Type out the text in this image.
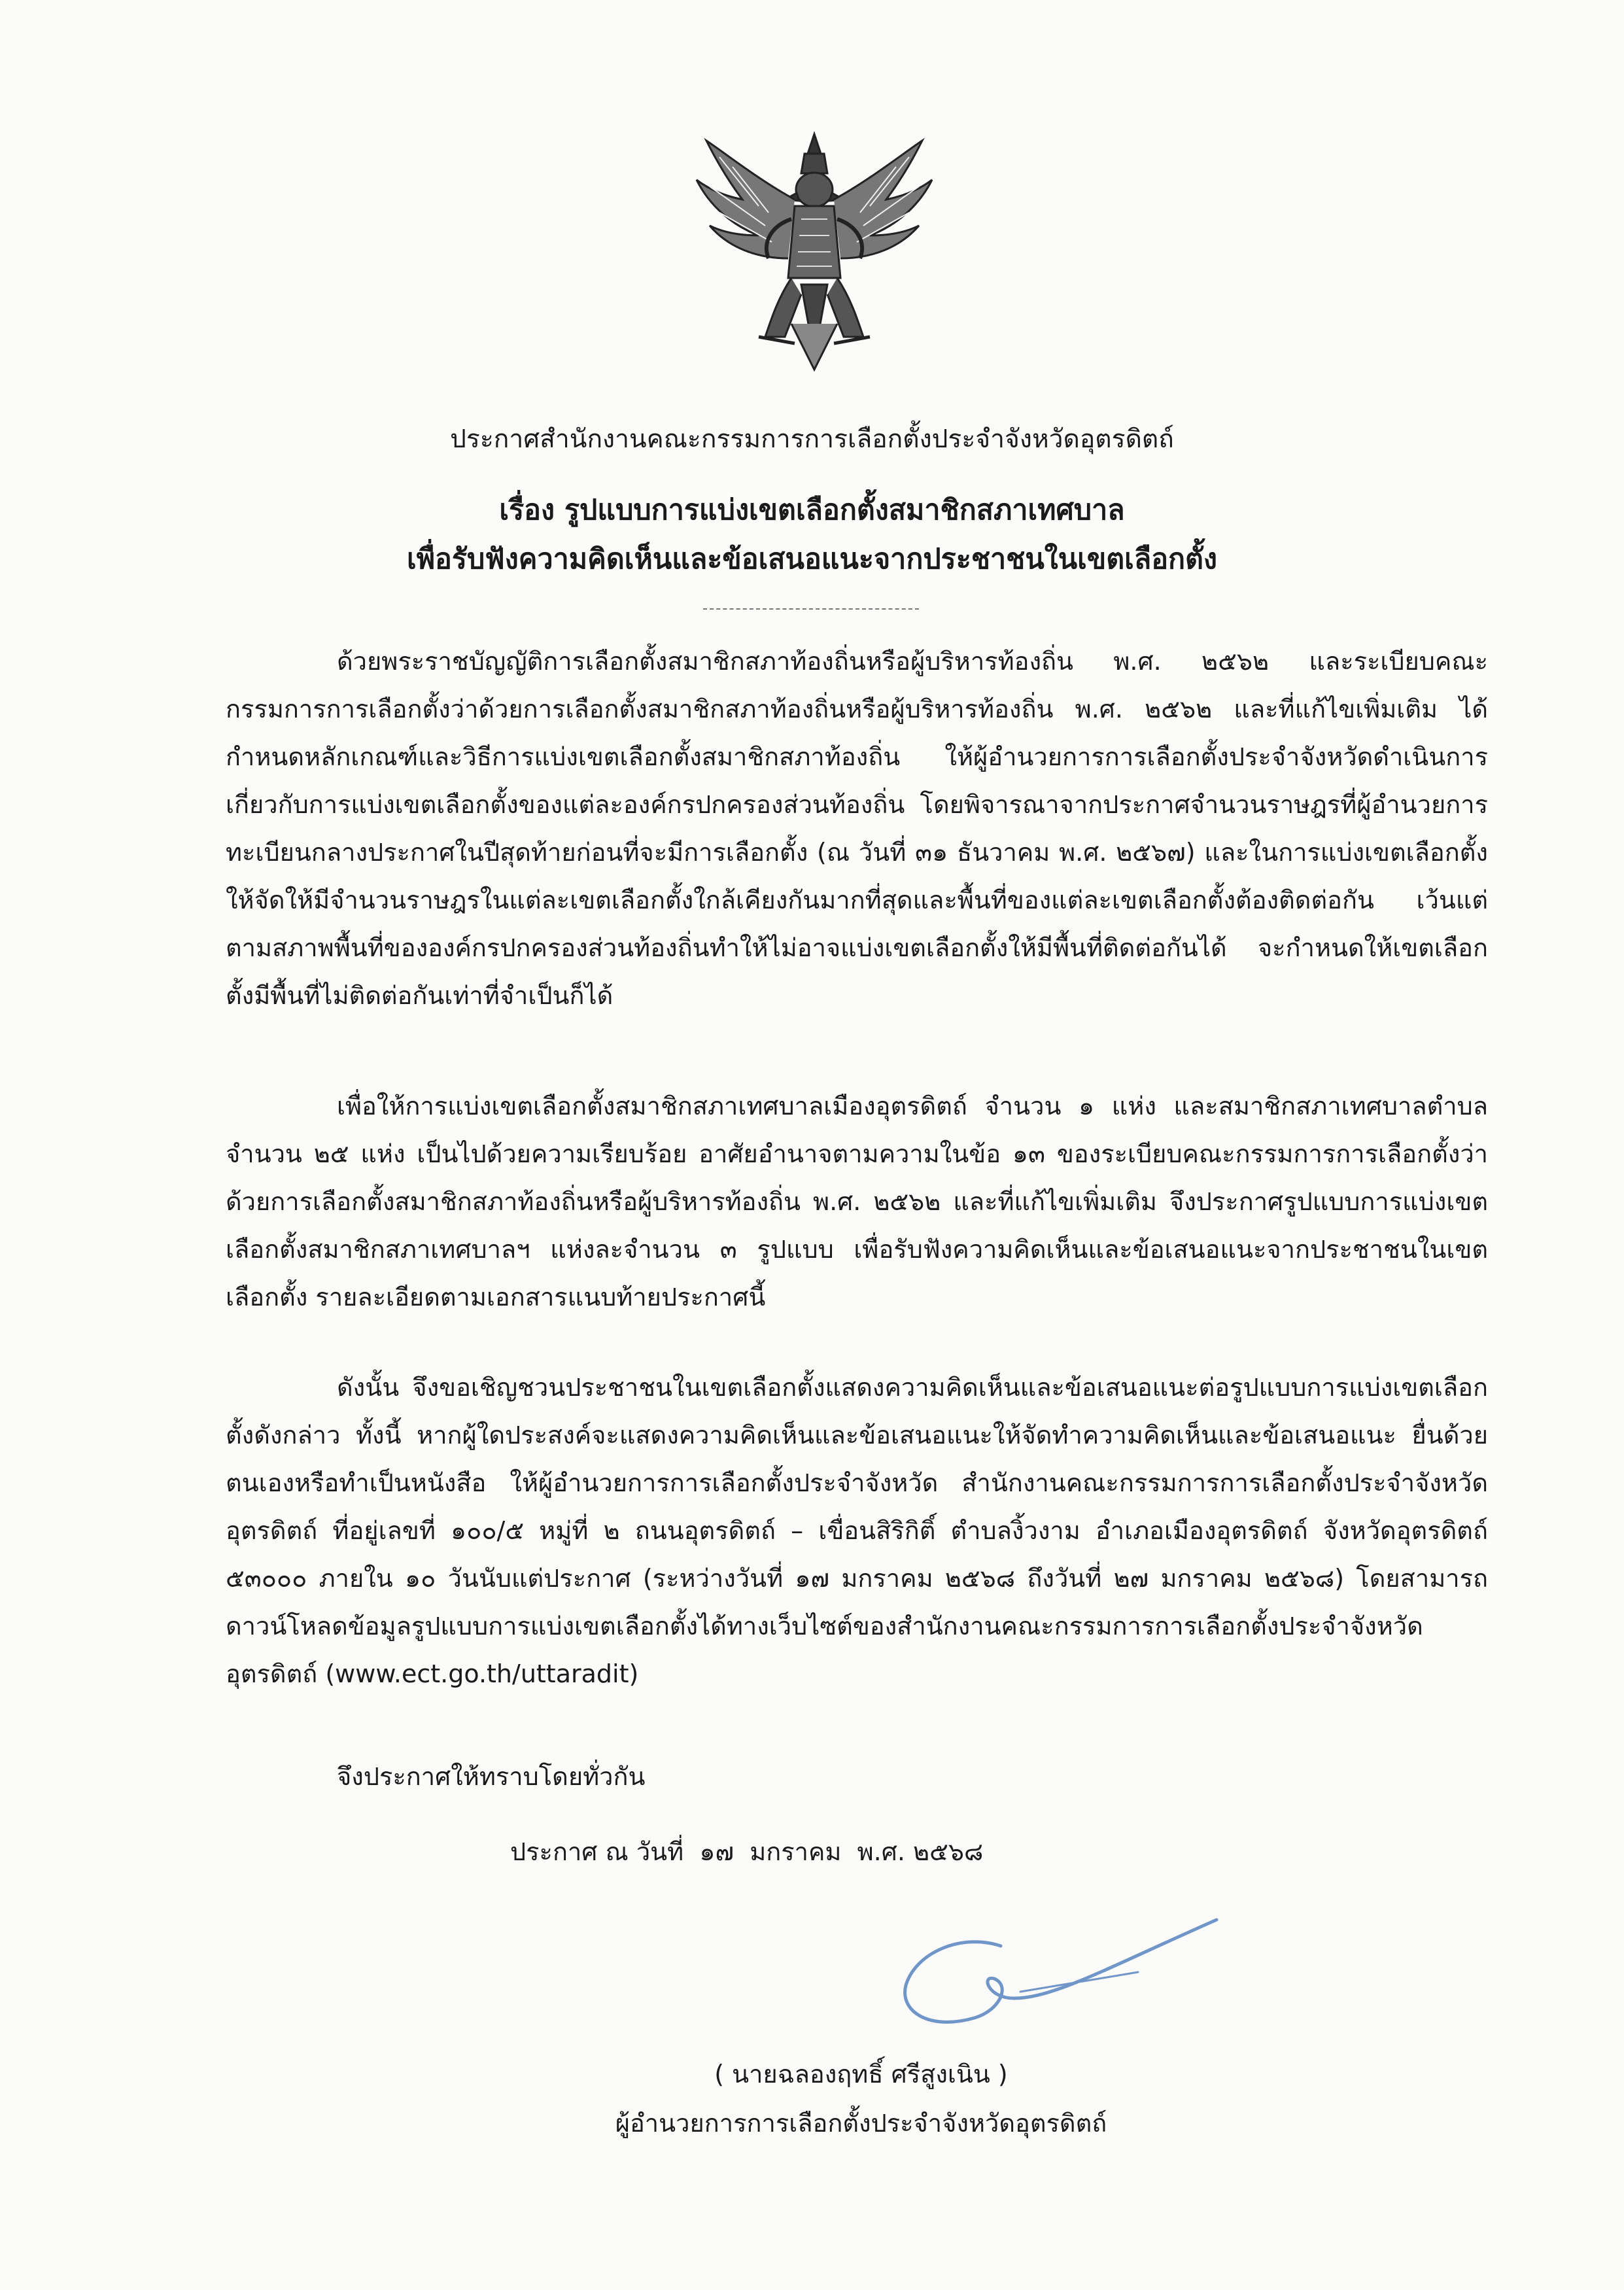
ประกาศสำนักงานคณะกรรมการการเลือกตั้งประจำจังหวัดอุตรดิตถ์
เรื่อง รูปแบบการแบ่งเขตเลือกตั้งสมาชิกสภาเทศบาล
เพื่อรับฟังความคิดเห็นและข้อเสนอแนะจากประชาชนในเขตเลือกตั้ง

ด้วยพระราชบัญญัติการเลือกตั้งสมาชิกสภาท้องถิ่นหรือผู้บริหารท้องถิ่น พ.ศ. ๒๕๖๒ และระเบียบคณะกรรมการการเลือกตั้งว่าด้วยการเลือกตั้งสมาชิกสภาท้องถิ่นหรือผู้บริหารท้องถิ่น พ.ศ. ๒๕๖๒ และที่แก้ไขเพิ่มเติม ได้กำหนดหลักเกณฑ์และวิธีการแบ่งเขตเลือกตั้งสมาชิกสภาท้องถิ่น ให้ผู้อำนวยการการเลือกตั้งประจำจังหวัดดำเนินการเกี่ยวกับการแบ่งเขตเลือกตั้งของแต่ละองค์กรปกครองส่วนท้องถิ่น โดยพิจารณาจากประกาศจำนวนราษฎรที่ผู้อำนวยการทะเบียนกลางประกาศในปีสุดท้ายก่อนที่จะมีการเลือกตั้ง (ณ วันที่ ๓๑ ธันวาคม พ.ศ. ๒๕๖๗) และในการแบ่งเขตเลือกตั้งให้จัดให้มีจำนวนราษฎรในแต่ละเขตเลือกตั้งใกล้เคียงกันมากที่สุดและพื้นที่ของแต่ละเขตเลือกตั้งต้องติดต่อกัน เว้นแต่ตามสภาพพื้นที่ขององค์กรปกครองส่วนท้องถิ่นทำให้ไม่อาจแบ่งเขตเลือกตั้งให้มีพื้นที่ติดต่อกันได้ จะกำหนดให้เขตเลือกตั้งมีพื้นที่ไม่ติดต่อกันเท่าที่จำเป็นก็ได้

เพื่อให้การแบ่งเขตเลือกตั้งสมาชิกสภาเทศบาลเมืองอุตรดิตถ์ จำนวน ๑ แห่ง และสมาชิกสภาเทศบาลตำบล จำนวน ๒๕ แห่ง เป็นไปด้วยความเรียบร้อย อาศัยอำนาจตามความในข้อ ๑๓ ของระเบียบคณะกรรมการการเลือกตั้งว่าด้วยการเลือกตั้งสมาชิกสภาท้องถิ่นหรือผู้บริหารท้องถิ่น พ.ศ. ๒๕๖๒ และที่แก้ไขเพิ่มเติม จึงประกาศรูปแบบการแบ่งเขตเลือกตั้งสมาชิกสภาเทศบาลฯ แห่งละจำนวน ๓ รูปแบบ เพื่อรับฟังความคิดเห็นและข้อเสนอแนะจากประชาชนในเขตเลือกตั้ง รายละเอียดตามเอกสารแนบท้ายประกาศนี้

ดังนั้น จึงขอเชิญชวนประชาชนในเขตเลือกตั้งแสดงความคิดเห็นและข้อเสนอแนะต่อรูปแบบการแบ่งเขตเลือกตั้งดังกล่าว ทั้งนี้ หากผู้ใดประสงค์จะแสดงความคิดเห็นและข้อเสนอแนะให้จัดทำความคิดเห็นและข้อเสนอแนะ ยื่นด้วยตนเองหรือทำเป็นหนังสือ ให้ผู้อำนวยการการเลือกตั้งประจำจังหวัด สำนักงานคณะกรรมการการเลือกตั้งประจำจังหวัดอุตรดิตถ์ ที่อยู่เลขที่ ๑๐๐/๕ หมู่ที่ ๒ ถนนอุตรดิตถ์ – เขื่อนสิริกิติ์ ตำบลงิ้วงาม อำเภอเมืองอุตรดิตถ์ จังหวัดอุตรดิตถ์ ๕๓๐๐๐ ภายใน ๑๐ วันนับแต่ประกาศ (ระหว่างวันที่ ๑๗ มกราคม ๒๕๖๘ ถึงวันที่ ๒๗ มกราคม ๒๕๖๘) โดยสามารถดาวน์โหลดข้อมูลรูปแบบการแบ่งเขตเลือกตั้งได้ทางเว็บไซต์ของสำนักงานคณะกรรมการการเลือกตั้งประจำจังหวัดอุตรดิตถ์ (www.ect.go.th/uttaradit)

จึงประกาศให้ทราบโดยทั่วกัน
ประกาศ ณ วันที่  ๑๗  มกราคม  พ.ศ. ๒๕๖๘
( นายฉลองฤทธิ์ ศรีสูงเนิน )
ผู้อำนวยการการเลือกตั้งประจำจังหวัดอุตรดิตถ์
